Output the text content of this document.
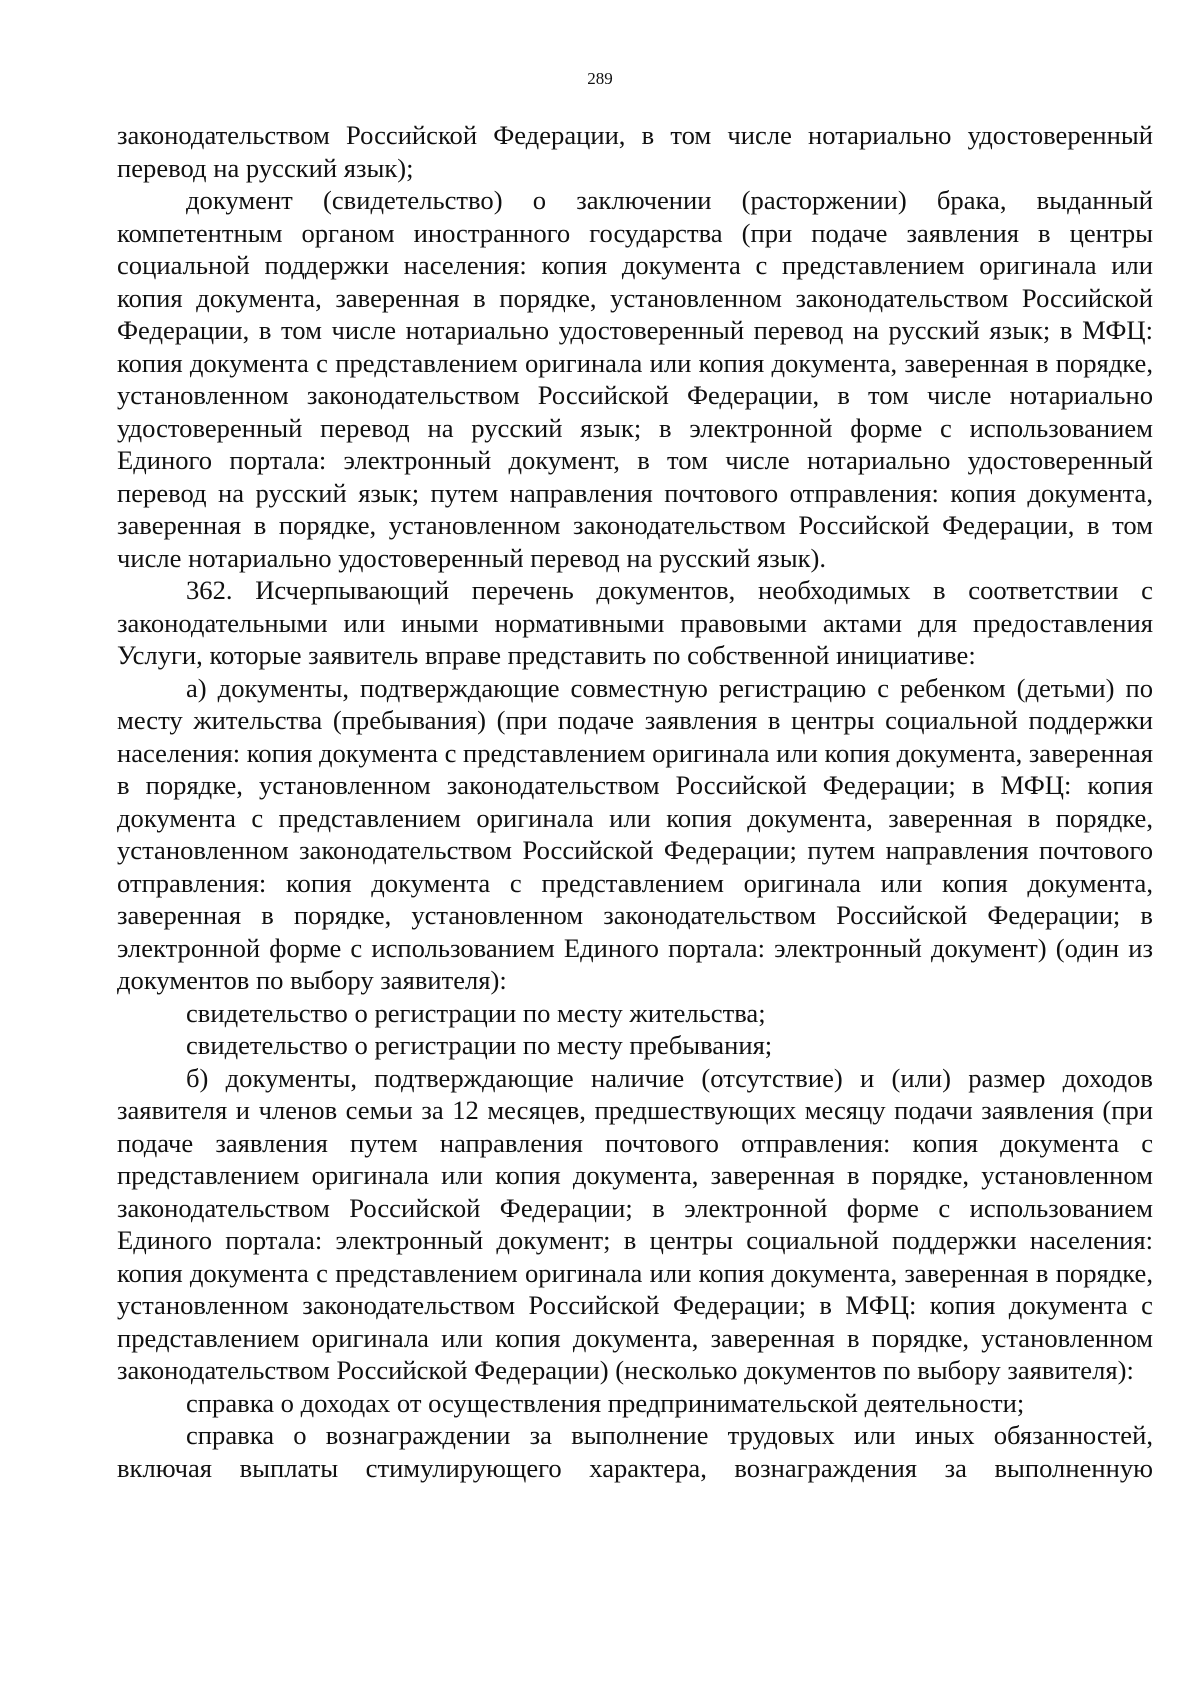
289

законодательством Российской Федерации, в том числе нотариально удостоверенный перевод на русский язык);

документ (свидетельство) о заключении (расторжении) брака, выданный компетентным органом иностранного государства (при подаче заявления в центры социальной поддержки населения: копия документа с представлением оригинала или копия документа, заверенная в порядке, установленном законодательством Российской Федерации, в том числе нотариально удостоверенный перевод на русский язык; в МФЦ: копия документа с представлением оригинала или копия документа, заверенная в порядке, установленном законодательством Российской Федерации, в том числе нотариально удостоверенный перевод на русский язык; в электронной форме с использованием Единого портала: электронный документ, в том числе нотариально удостоверенный перевод на русский язык; путем направления почтового отправления: копия документа, заверенная в порядке, установленном законодательством Российской Федерации, в том числе нотариально удостоверенный перевод на русский язык).

362. Исчерпывающий перечень документов, необходимых в соответствии с законодательными или иными нормативными правовыми актами для предоставления Услуги, которые заявитель вправе представить по собственной инициативе:

а) документы, подтверждающие совместную регистрацию с ребенком (детьми) по месту жительства (пребывания) (при подаче заявления в центры социальной поддержки населения: копия документа с представлением оригинала или копия документа, заверенная в порядке, установленном законодательством Российской Федерации; в МФЦ: копия документа с представлением оригинала или копия документа, заверенная в порядке, установленном законодательством Российской Федерации; путем направления почтового отправления: копия документа с представлением оригинала или копия документа, заверенная в порядке, установленном законодательством Российской Федерации; в электронной форме с использованием Единого портала: электронный документ) (один из документов по выбору заявителя):

свидетельство о регистрации по месту жительства;

свидетельство о регистрации по месту пребывания;

б) документы, подтверждающие наличие (отсутствие) и (или) размер доходов заявителя и членов семьи за 12 месяцев, предшествующих месяцу подачи заявления (при подаче заявления путем направления почтового отправления: копия документа с представлением оригинала или копия документа, заверенная в порядке, установленном законодательством Российской Федерации; в электронной форме с использованием Единого портала: электронный документ; в центры социальной поддержки населения: копия документа с представлением оригинала или копия документа, заверенная в порядке, установленном законодательством Российской Федерации; в МФЦ: копия документа с представлением оригинала или копия документа, заверенная в порядке, установленном законодательством Российской Федерации) (несколько документов по выбору заявителя):

справка о доходах от осуществления предпринимательской деятельности;

справка о вознаграждении за выполнение трудовых или иных обязанностей, включая выплаты стимулирующего характера, вознаграждения за выполненную
